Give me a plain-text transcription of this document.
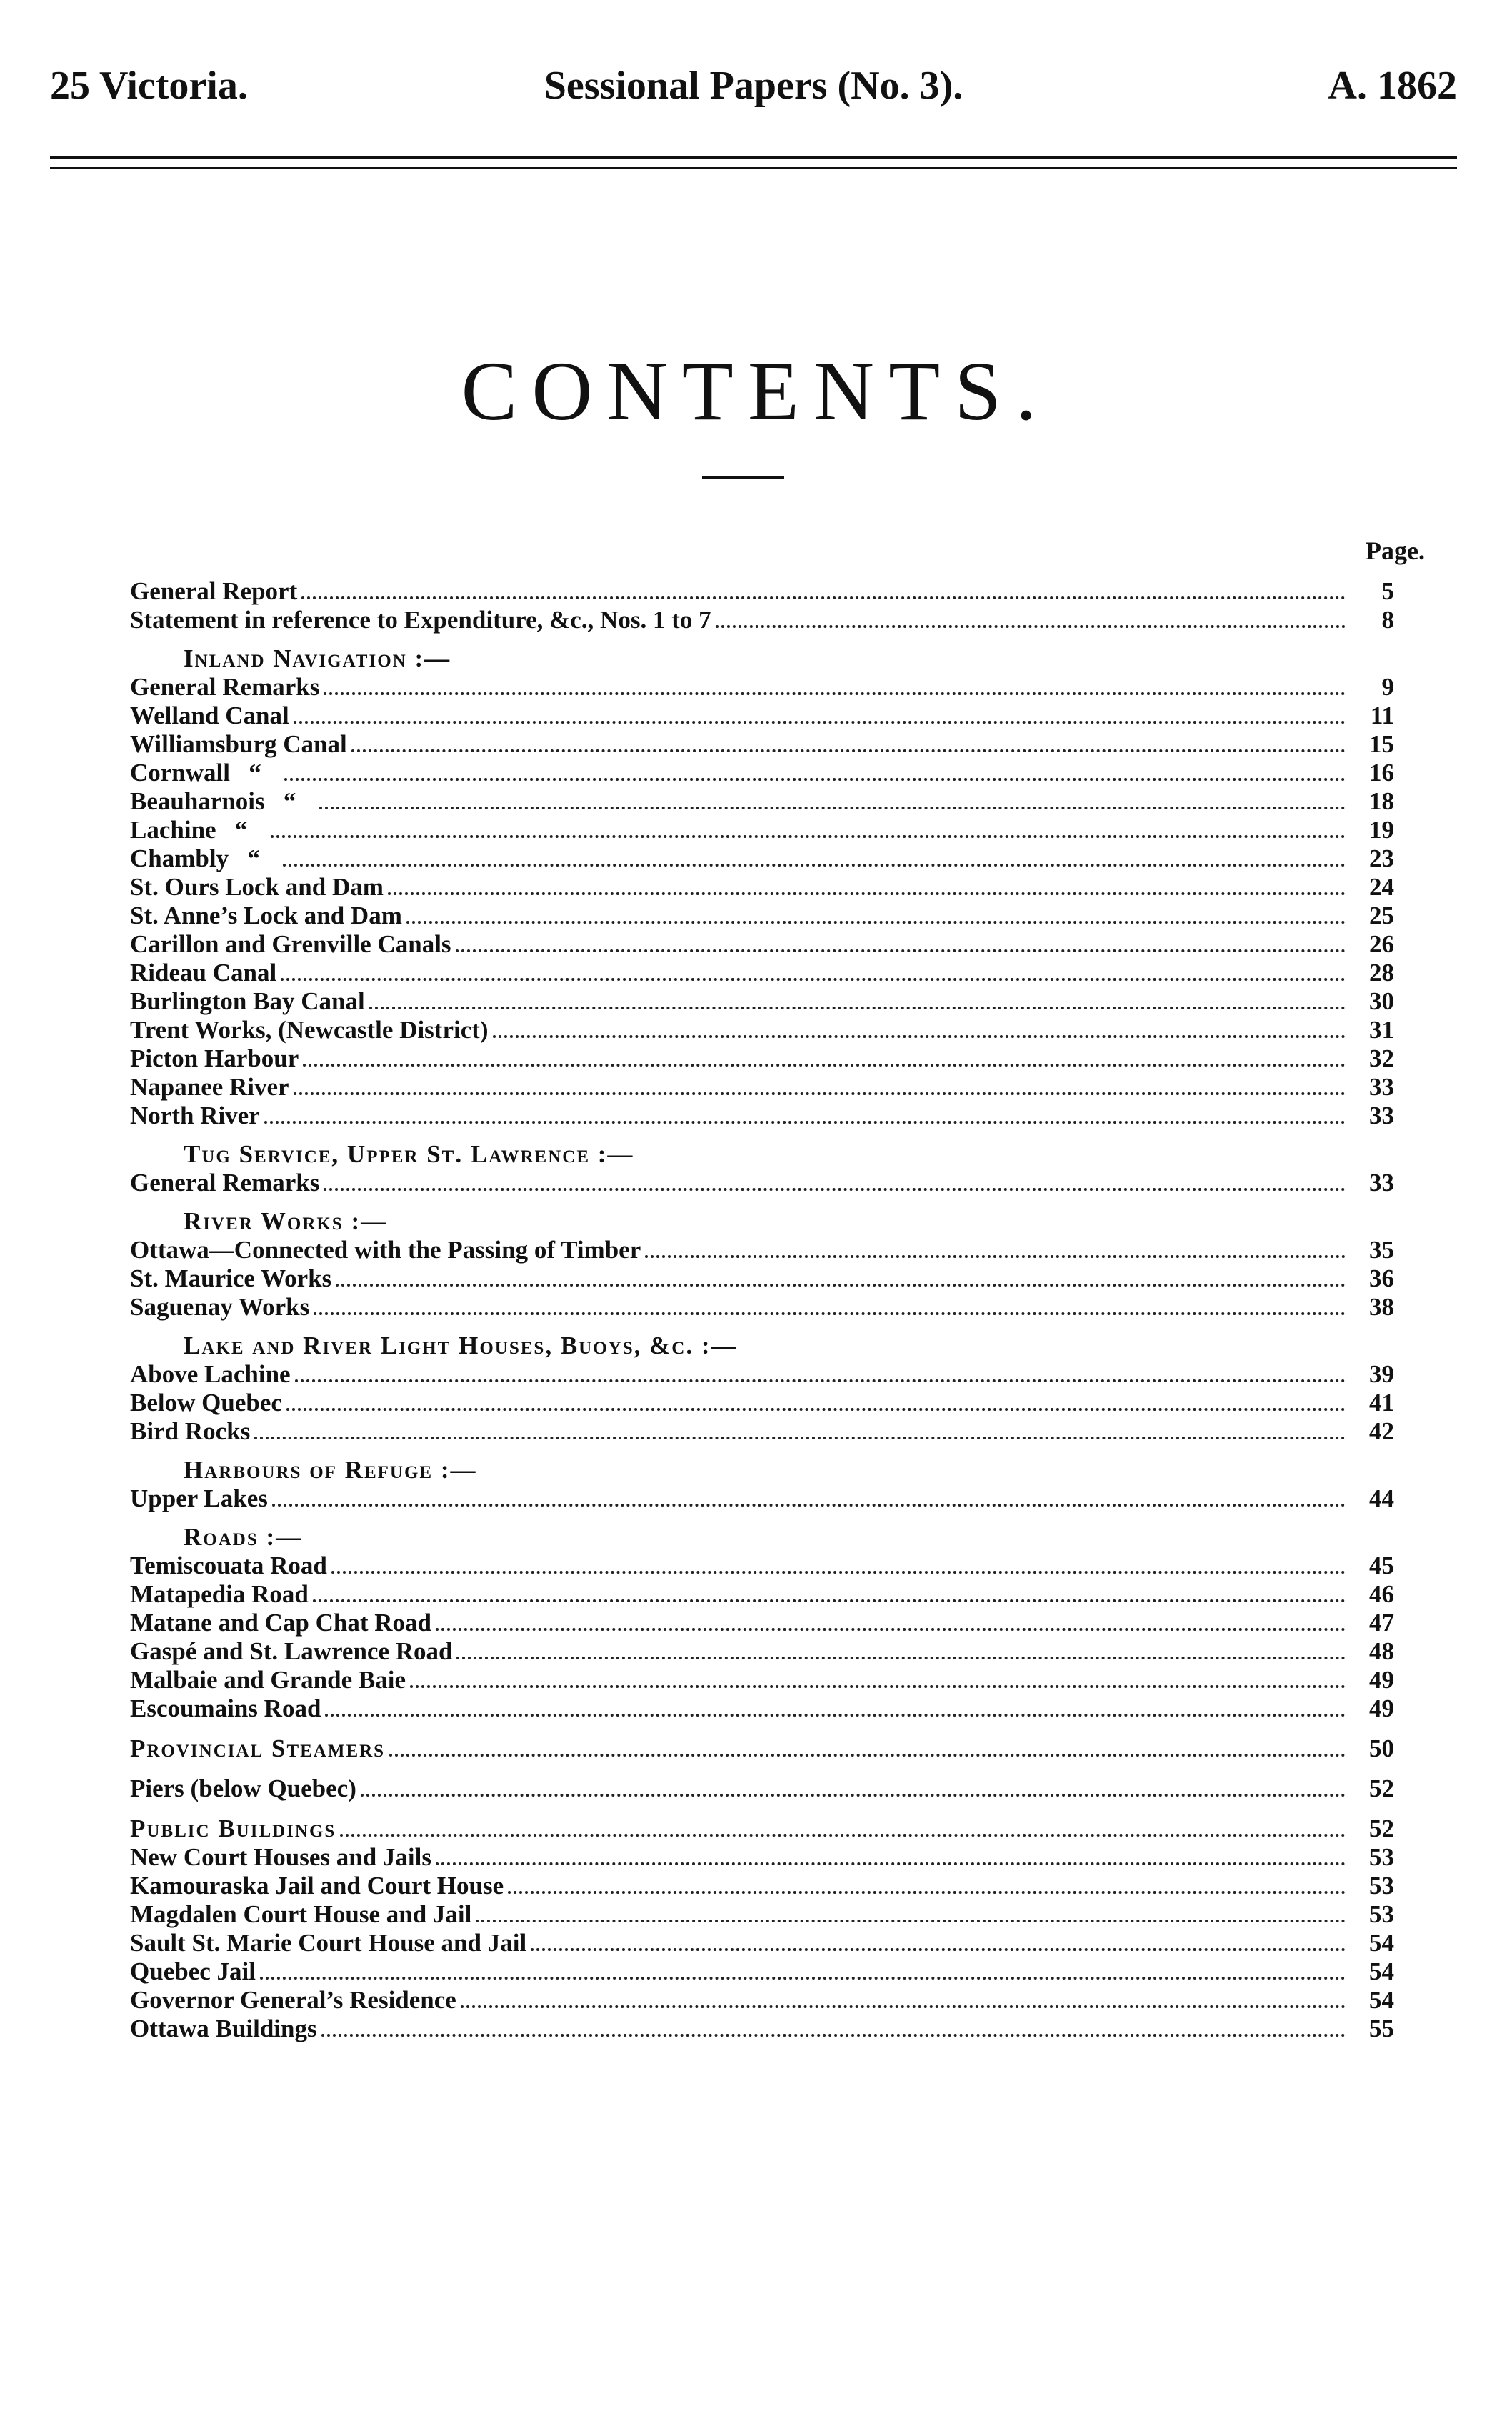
25 Victoria.	Sessional Papers (No. 3).	A. 1862
CONTENTS.
Page.
General Report	5
Statement in reference to Expenditure, &c., Nos. 1 to 7	8
Inland Navigation :—
General Remarks	9
Welland Canal	11
Williamsburg Canal	15
Cornwall “	16
Beauharnois “	18
Lachine “	19
Chambly “	23
St. Ours Lock and Dam	24
St. Anne’s Lock and Dam	25
Carillon and Grenville Canals	26
Rideau Canal	28
Burlington Bay Canal	30
Trent Works, (Newcastle District)	31
Picton Harbour	32
Napanee River	33
North River	33
Tug Service, Upper St. Lawrence :—
General Remarks	33
River Works :—
Ottawa—Connected with the Passing of Timber	35
St. Maurice Works	36
Saguenay Works	38
Lake and River Light Houses, Buoys, &c. :—
Above Lachine	39
Below Quebec	41
Bird Rocks	42
Harbours of Refuge :—
Upper Lakes	44
Roads :—
Temiscouata Road	45
Matapedia Road	46
Matane and Cap Chat Road	47
Gaspé and St. Lawrence Road	48
Malbaie and Grande Baie	49
Escoumains Road	49
Provincial Steamers	50
Piers (below Quebec)	52
Public Buildings	52
New Court Houses and Jails	53
Kamouraska Jail and Court House	53
Magdalen Court House and Jail	53
Sault St. Marie Court House and Jail	54
Quebec Jail	54
Governor General’s Residence	54
Ottawa Buildings	55
